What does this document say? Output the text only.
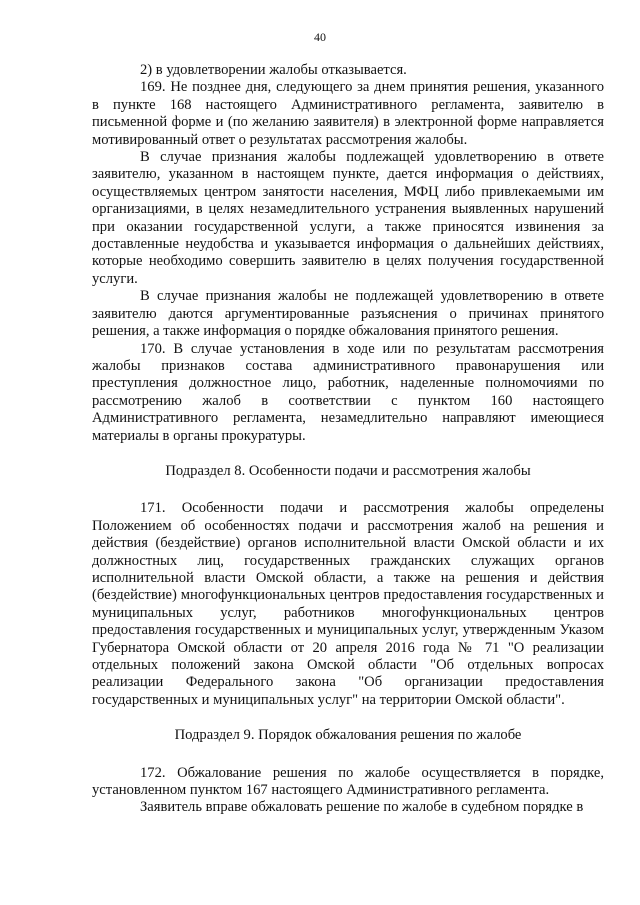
40

2) в удовлетворении жалобы отказывается.

169. Не позднее дня, следующего за днем принятия решения, указанного в пункте 168 настоящего Административного регламента, заявителю в письменной форме и (по желанию заявителя) в электронной форме направляется мотивированный ответ о результатах рассмотрения жалобы.

В случае признания жалобы подлежащей удовлетворению в ответе заявителю, указанном в настоящем пункте, дается информация о действиях, осуществляемых центром занятости населения, МФЦ либо привлекаемыми им организациями, в целях незамедлительного устранения выявленных нарушений при оказании государственной услуги, а также приносятся извинения за доставленные неудобства и указывается информация о дальнейших действиях, которые необходимо совершить заявителю в целях получения государственной услуги.

В случае признания жалобы не подлежащей удовлетворению в ответе заявителю даются аргументированные разъяснения о причинах принятого решения, а также информация о порядке обжалования принятого решения.

170. В случае установления в ходе или по результатам рассмотрения жалобы признаков состава административного правонарушения или преступления должностное лицо, работник, наделенные полномочиями по рассмотрению жалоб в соответствии с пунктом 160 настоящего Административного регламента, незамедлительно направляют имеющиеся материалы в органы прокуратуры.

Подраздел 8. Особенности подачи и рассмотрения жалобы

171. Особенности подачи и рассмотрения жалобы определены Положением об особенностях подачи и рассмотрения жалоб на решения и действия (бездействие) органов исполнительной власти Омской области и их должностных лиц, государственных гражданских служащих органов исполнительной власти Омской области, а также на решения и действия (бездействие) многофункциональных центров предоставления государственных и муниципальных услуг, работников многофункциональных центров предоставления государственных и муниципальных услуг, утвержденным Указом Губернатора Омской области от 20 апреля 2016 года № 71 "О реализации отдельных положений закона Омской области "Об отдельных вопросах реализации Федерального закона "Об организации предоставления государственных и муниципальных услуг" на территории Омской области".

Подраздел 9. Порядок обжалования решения по жалобе

172. Обжалование решения по жалобе осуществляется в порядке, установленном пунктом 167 настоящего Административного регламента.

Заявитель вправе обжаловать решение по жалобе в судебном порядке в
